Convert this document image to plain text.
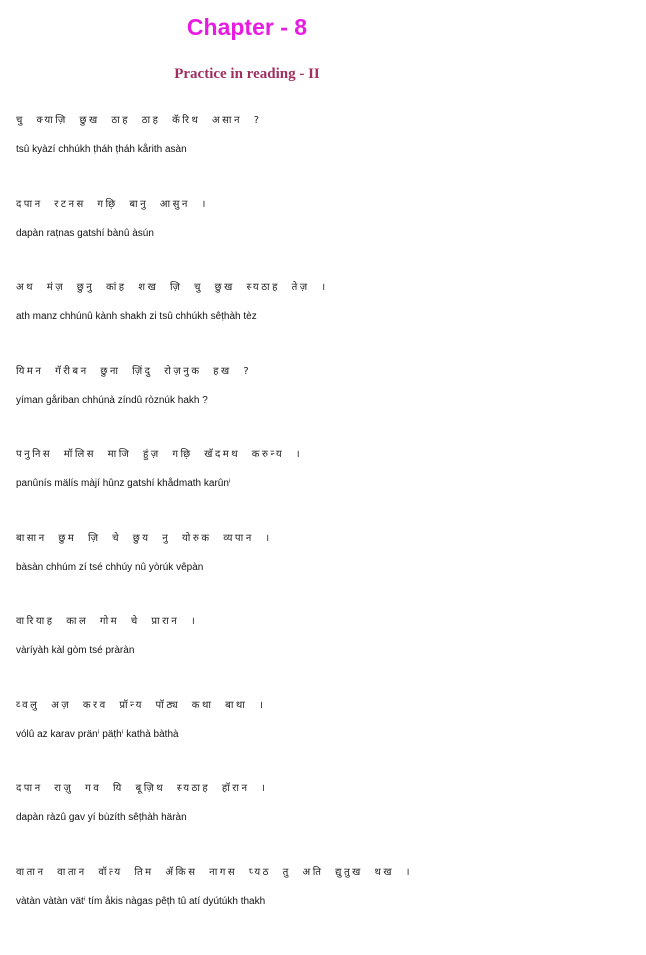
Chapter - 8
Practice in reading - II
चु क्याज़ि छुख ठाह ठाह कॅरिथ असान ?
tsû kyàzí chhúkh ṭháh ṭháh kårith asàn
दपान रटनस गछ़ि बानु आसुन ।
dapàn raṭnas gatshí bànû àsún
अथ मंज़ छुनु कांह शख ज़ि चु छुख स्यठाह तेज़ ।
ath manz chhúnû kành shakh zi tsû chhúkh sêṭhàh tèz
यिमन गॅरीबन छुना ज़िंदु रोज़नुक हख ?
yíman gåriban chhúnà zíndû ròznúk hakh ?
पनुनिस मॉलिस माजि हुंज़ गछ़ि खॅदमथ करुन्य ।
panûnís mälís màjí hûnz gatshí khådmath karûnⁱ
बासान छुम ज़ि चे छुय नु योरुक व्यपान ।
bàsàn chhúm zí tsé chhúy nû yòrúk vêpàn
वारियाह काल गोम चे प्रारान ।
vàríyàh kàl gòm tsé pràràn
व्वलु अज़ करव प्रॉन्य पॉठ्य कथा बाथा ।
vólû az karav pränⁱ päṭhⁱ kathà bàthà
दपान राज़ु गव यि बूज़िथ स्यठाह हॉरान ।
dapàn ràzû gav yí bùzíth sêṭhàh häràn
वातान वातान वॉत्य तिम ॲकिस नागस प्यठ तु अति द्युतुख थख ।
vàtàn vàtàn vätⁱ tím åkis nàgas pêṭh tû atí dyútúkh thakh
